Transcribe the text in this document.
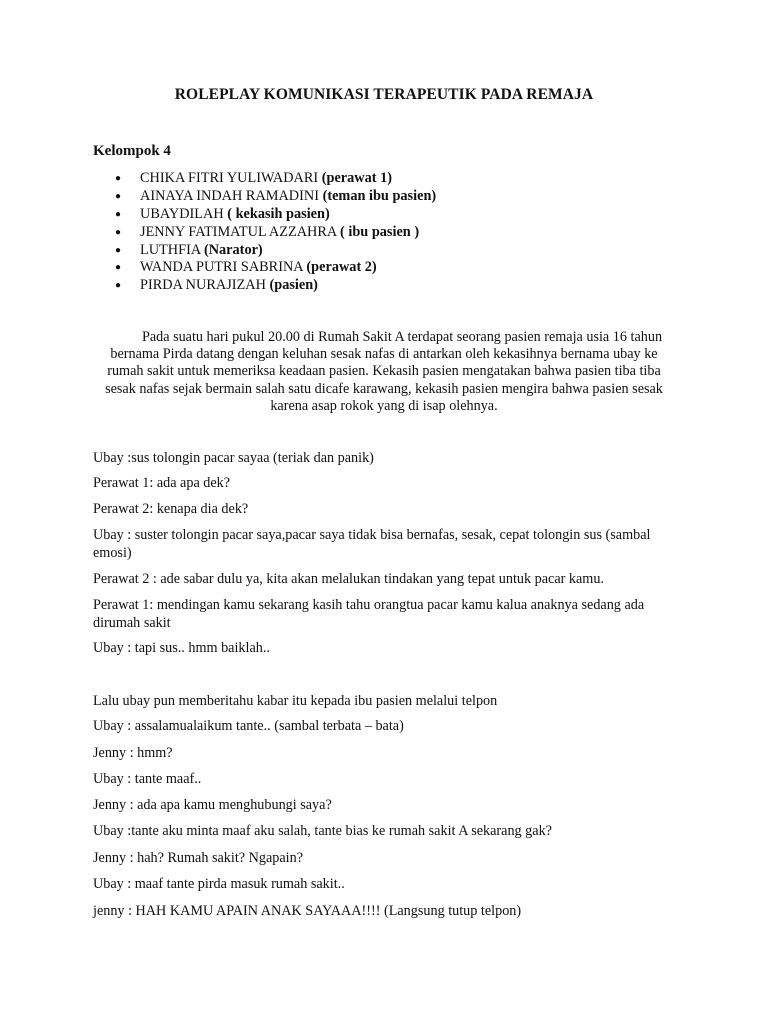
ROLEPLAY KOMUNIKASI TERAPEUTIK PADA REMAJA
Kelompok 4
● CHIKA FITRI YULIWADARI (perawat 1)
● AINAYA INDAH RAMADINI (teman ibu pasien)
● UBAYDILAH ( kekasih pasien)
● JENNY FATIMATUL AZZAHRA ( ibu pasien )
● LUTHFIA (Narator)
● WANDA PUTRI SABRINA (perawat 2)
● PIRDA NURAJIZAH (pasien)

Pada suatu hari pukul 20.00 di Rumah Sakit A terdapat seorang pasien remaja usia 16 tahun bernama Pirda datang dengan keluhan sesak nafas di antarkan oleh kekasihnya bernama ubay ke rumah sakit untuk memeriksa keadaan pasien. Kekasih pasien mengatakan bahwa pasien tiba tiba sesak nafas sejak bermain salah satu dicafe karawang, kekasih pasien mengira bahwa pasien sesak karena asap rokok yang di isap olehnya.

Ubay :sus tolongin pacar sayaa (teriak dan panik)

Perawat 1: ada apa dek?

Perawat 2: kenapa dia dek?

Ubay : suster tolongin pacar saya,pacar saya tidak bisa bernafas, sesak, cepat tolongin sus (sambal emosi)

Perawat 2 : ade sabar dulu ya, kita akan melalukan tindakan yang tepat untuk pacar kamu.

Perawat 1: mendingan kamu sekarang kasih tahu orangtua pacar kamu kalua anaknya sedang ada dirumah sakit

Ubay : tapi sus.. hmm baiklah..

Lalu ubay pun memberitahu kabar itu kepada ibu pasien melalui telpon

Ubay : assalamualaikum tante.. (sambal terbata – bata)

Jenny : hmm?

Ubay : tante maaf..

Jenny : ada apa kamu menghubungi saya?

Ubay :tante aku minta maaf aku salah, tante bias ke rumah sakit A sekarang gak?

Jenny : hah? Rumah sakit? Ngapain?

Ubay : maaf tante pirda masuk rumah sakit..

jenny : HAH KAMU APAIN ANAK SAYAAA!!!! (Langsung tutup telpon)
